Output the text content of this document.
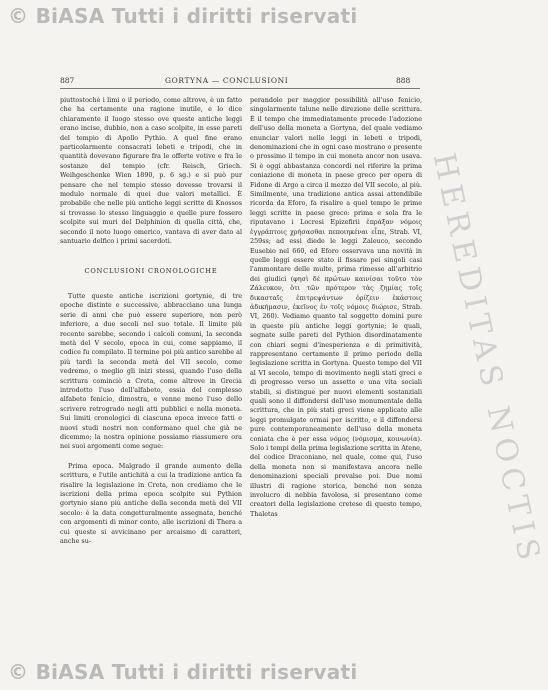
© BiASA Tutti i diritti riservati
© BiASA Tutti i diritti riservati
HEREDITAS NOCTIS
887	GORTYNA — CONCLUSIONI	888

piuttostochè i limi o il periodo, come altrove, è un fatto che ha certamente una ragione inutile, e lo dice chiaramente il luogo stesso ove queste antiche leggi erano incise, dubbio, non a caso scolpite, in esse pareti del tempio di Apollo Pythio. A quel fine erano particolarmente consacrati lebeti e tripodi, che in quantità dovevano figurare fra le offerte votive e fra le sostanze del tempio (cfr. Reisch, Griech. Weihgeschenke Wien 1890, p. 6 sg.) e si può pur pensare che nel tempio stesso dovesse trovarsi il modulo normale di quei due valori metallici. È probabile che nelle più antiche leggi scritte di Knossos si trovasse lo stesso linguaggio e quelle pure fossero scolpite sui muri del Delphinion di quella città, che, secondo il noto luogo omerico, vantava di aver dato al santuario delfico i primi sacerdoti.

CONCLUSIONI CRONOLOGICHE

Tutte queste antiche iscrizioni gortynie, di tre epoche distinte e successive, abbracciano una lunga serie di anni che può essere superiore, non però inferiore, a due secoli nel suo totale. Il limite più recente sarebbe, secondo i calcoli comuni, la seconda metà del V secolo, epoca in cui, come sappiamo, il codice fu compilato. Il termine poi più antico sarebbe al più tardi la seconda metà del VII secolo, come vedremo, o meglio gli inizi stessi, quando l'uso della scrittura cominciò a Creta, come altrove in Grecia introdotto l'uso dell'alfabeto, essia del complesso alfabeto fenicio, dimostra, e venne meno l'uso dello scrivere retrogrado negli atti pubblici e nella moneta. Sui limiti cronologici di ciascuna epoca invece fatti e nuovi studi nostri non conformano quel che già ne dicemmo; la nostra opinione possiamo riassumere ora nei suoi argomenti come segue:

Prima epoca. Malgrado il grande aumento della scrittura, e l'utile antichità a cui la tradizione antica fa risalire la legislazione in Creta, non crediamo che le iscrizioni della prima epoca scolpite sui Pythion gortynio siano più antiche della seconda metà del VII secolo: è la data congetturalmente assegnata, benché con argomenti di minor conto, alle iscrizioni di Thera a cui queste si avvicinano per arcaismo di caratteri, anche su-

perandole per maggior possibilità all'uso fenicio, singolarmente talune nelle direzione delle scrittura. È il tempo che immediatamente precede l'adozione dell'uso della moneta a Gortyna, del quale vediamo enunciar valori nelle leggi in lebeti e tripodi, denominazioni che in ogni caso mostrano o presente o prossimo il tempo in cui moneta ancor non usava. Si è oggi abbastanza concordi nel riferire la prima coniazione di moneta in paese greco per opera di Fidone di Argo a circa il mezzo del VII secolo, al più. Similmente, una tradizione antica assai attendibile ricorda da Eforo, fa risalire a quel tempo le prime leggi scritte in paese greco: prima e sola fra le riputavano i Locresi Epizefirii ἐπράξαν νόμοις ἐγγράπτοις χρήσασθαι πεποιηκέναι εἶπε, Strab. VI, 259ss; ad essi diede le leggi Zaleuco, secondo Eusebio nel 660, ed Eforo osservava una novità in quelle leggi essere stato il fissare pei singoli casi l'ammontare delle multe, prima rimesse all'arbitrio dei giudici (φησὶ δὲ πρώτων καινίσαι τοῦτο τὸν Ζάλευκον, ὅτι τῶν πρότερον τὰς ζημίας τοῖς δικασταῖς ἐπιτρεψάντων ὁρίζειν ἑκάστοις ἀδικήμασιν, ἐκεῖνος ἐν τοῖς νόμοις διώρισε, Strab. VI, 260). Vediamo quanto tal soggetto domini pure in queste più antiche leggi gortynie; le quali, segnate sulle pareti del Pythion disordinatamente con chiari segni d'inesperienza e di primitività, rappresentano certamente il primo periodo della legislazione scritta in Gortyna. Questo tempo del VII al VI secolo, tempo di movimento negli stati greci e di progresso verso un assetto e una vita sociali stabili, si distingue per nuovi elementi sostanziali quali sono il diffondersi dell'uso monumentale della scrittura, che in più stati greci viene applicato alle leggi promulgate ormai per iscritto, e il diffondersi pure contemporaneamente dell'uso della moneta coniata che è per essa νόμος (νόμισμα, κοινωνία). Solo i tempi della prima legislazione scritta in Atene, del codice Draconiano, nel quale, come qui, l'uso della moneta non si manifestava ancora nelle denominazioni speciali prevalse poi. Due nomi illustri di ragione storica, benché non senza involucro di nebbia favolosa, si presentano come creatori della legislazione cretese di questo tempo, Thaletas
